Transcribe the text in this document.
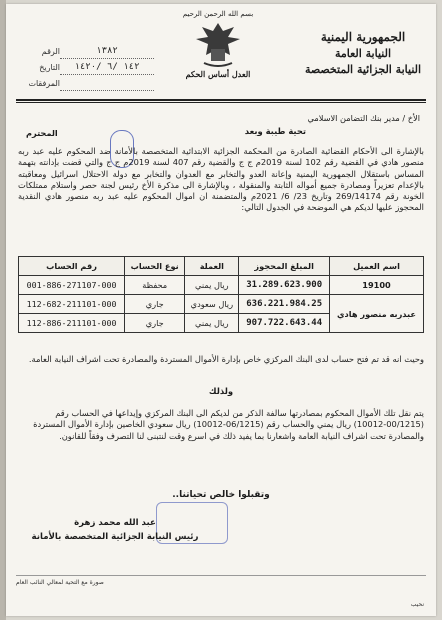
الجمهورية اليمنية
النيابة العامة
النيابة الجزائية المتخصصة
بسم الله الرحمن الرحيم
العدل أساس الحكم
١٣٨٢
الرقم
١٤٢ /٦ /١٤٢٠
التاريخ
المرفقات
الأخ / مدير بنك التضامن الاسلامي
تحية طيبة وبعد
المحترم
بالإشارة الى الأحكام القضائية الصادرة من المحكمة الجزائية الابتدائية المتخصصة بالأمانة ضد المحكوم عليه عبد ربه منصور هادي في القضية رقم 102 لسنة 2019م ج ج والقضية رقم 407 لسنة 2019م ج ج والتي قضت بإدانته بتهمة المساس باستقلال الجمهورية اليمنية وإعانة العدو والتخابر مع العدوان والتخابر مع دولة الاحتلال اسرائيل ومعاقبته بالإعدام تعزيراً ومصادرة جميع أمواله الثابتة والمنقولة ، وبالإشارة الى مذكرة الأخ رئيس لجنة حصر واستلام ممتلكات الخونة رقم 269/14174 وتاريخ 23/ 6/ 2021م والمتضمنة ان اموال المحكوم عليه عبد ربه منصور هادي النقدية المحجوز عليها لديكم هي الموضحة في الجدول التالي:
اسم العميل	المبلغ المحجوز	العملة	نوع الحساب	رقم الحساب
19100	31.289.623.900	ريال يمني	محفظة	001-886-271107-000
عبدربه منصور هادي	636.221.984.25	ريال سعودي	جاري	112-682-211101-000
	907.722.643.44	ريال يمني	جاري	112-886-211101-000
وحيث انه قد تم فتح حساب لدى البنك المركزي خاص بإدارة الأموال المستردة والمصادرة تحت اشراف النيابة العامة.
ولذلك
يتم نقل تلك الأموال المحكوم بمصادرتها سالفة الذكر من لديكم الى البنك المركزي وإيداعها في الحساب رقم (00/1215-10012) ريال يمني والحساب رقم (06/1215-10012) ريال سعودي الخاصين بإدارة الأموال المستردة والمصادرة تحت اشراف النيابة العامة واشعارنا بما يفيد ذلك في اسرع وقت لنتبنى لنا التصرف وفقاً للقانون.
وتقبلوا خالص تحياتنا..
عبد الله محمد زهرة
رئيس النيابة الجزائية المتخصصة بالأمانة
صورة مع التحية لمعالي النائب العام
نحيب
